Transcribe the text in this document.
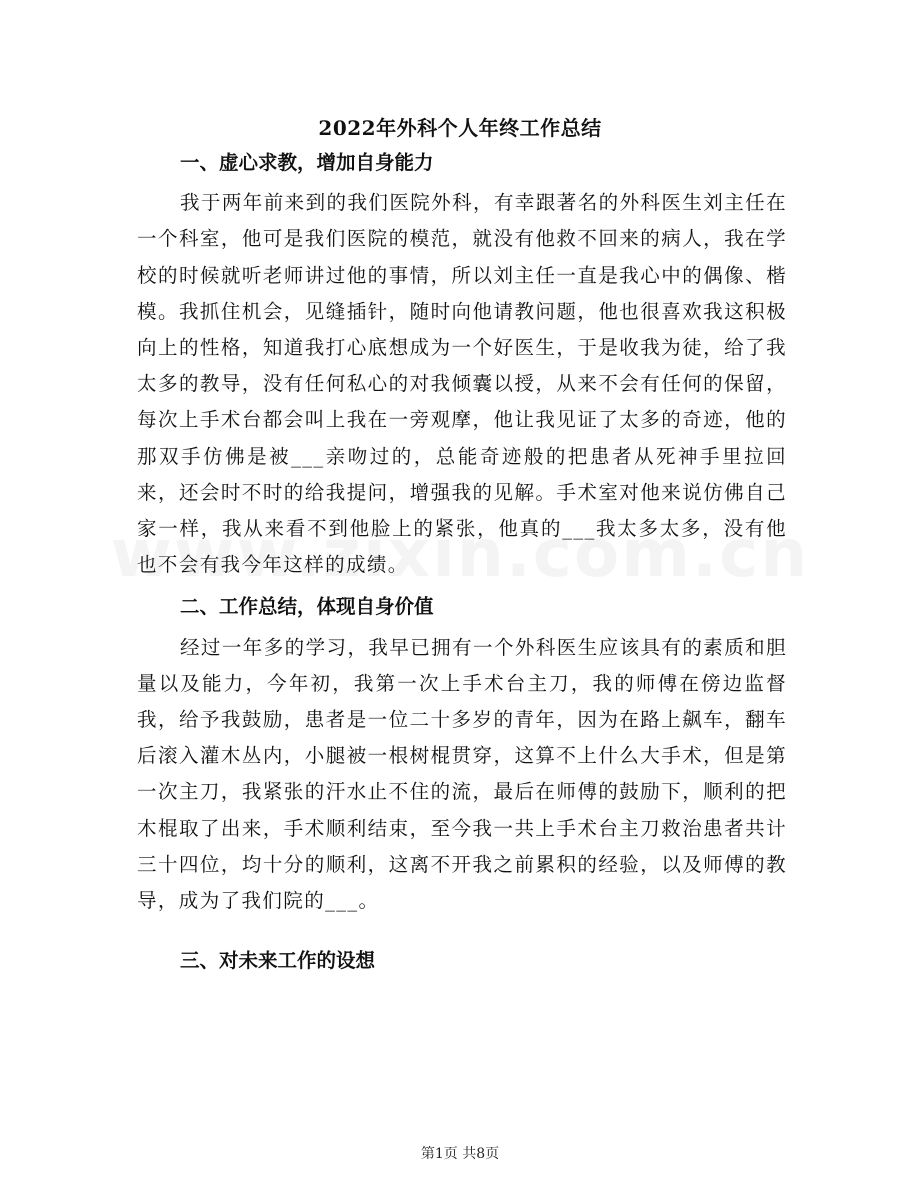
2022年外科个人年终工作总结

一、虚心求教，增加自身能力

我于两年前来到的我们医院外科，有幸跟著名的外科医生刘主任在一个科室，他可是我们医院的模范，就没有他救不回来的病人，我在学校的时候就听老师讲过他的事情，所以刘主任一直是我心中的偶像、楷模。我抓住机会，见缝插针，随时向他请教问题，他也很喜欢我这积极向上的性格，知道我打心底想成为一个好医生，于是收我为徒，给了我太多的教导，没有任何私心的对我倾囊以授，从来不会有任何的保留，每次上手术台都会叫上我在一旁观摩，他让我见证了太多的奇迹，他的那双手仿佛是被___亲吻过的，总能奇迹般的把患者从死神手里拉回来，还会时不时的给我提问，增强我的见解。手术室对他来说仿佛自己家一样，我从来看不到他脸上的紧张，他真的___我太多太多，没有他也不会有我今年这样的成绩。

二、工作总结，体现自身价值

经过一年多的学习，我早已拥有一个外科医生应该具有的素质和胆量以及能力，今年初，我第一次上手术台主刀，我的师傅在傍边监督我，给予我鼓励，患者是一位二十多岁的青年，因为在路上飙车，翻车后滚入灌木丛内，小腿被一根树棍贯穿，这算不上什么大手术，但是第一次主刀，我紧张的汗水止不住的流，最后在师傅的鼓励下，顺利的把木棍取了出来，手术顺利结束，至今我一共上手术台主刀救治患者共计三十四位，均十分的顺利，这离不开我之前累积的经验，以及师傅的教导，成为了我们院的___。

三、对未来工作的设想

第1页 共8页
